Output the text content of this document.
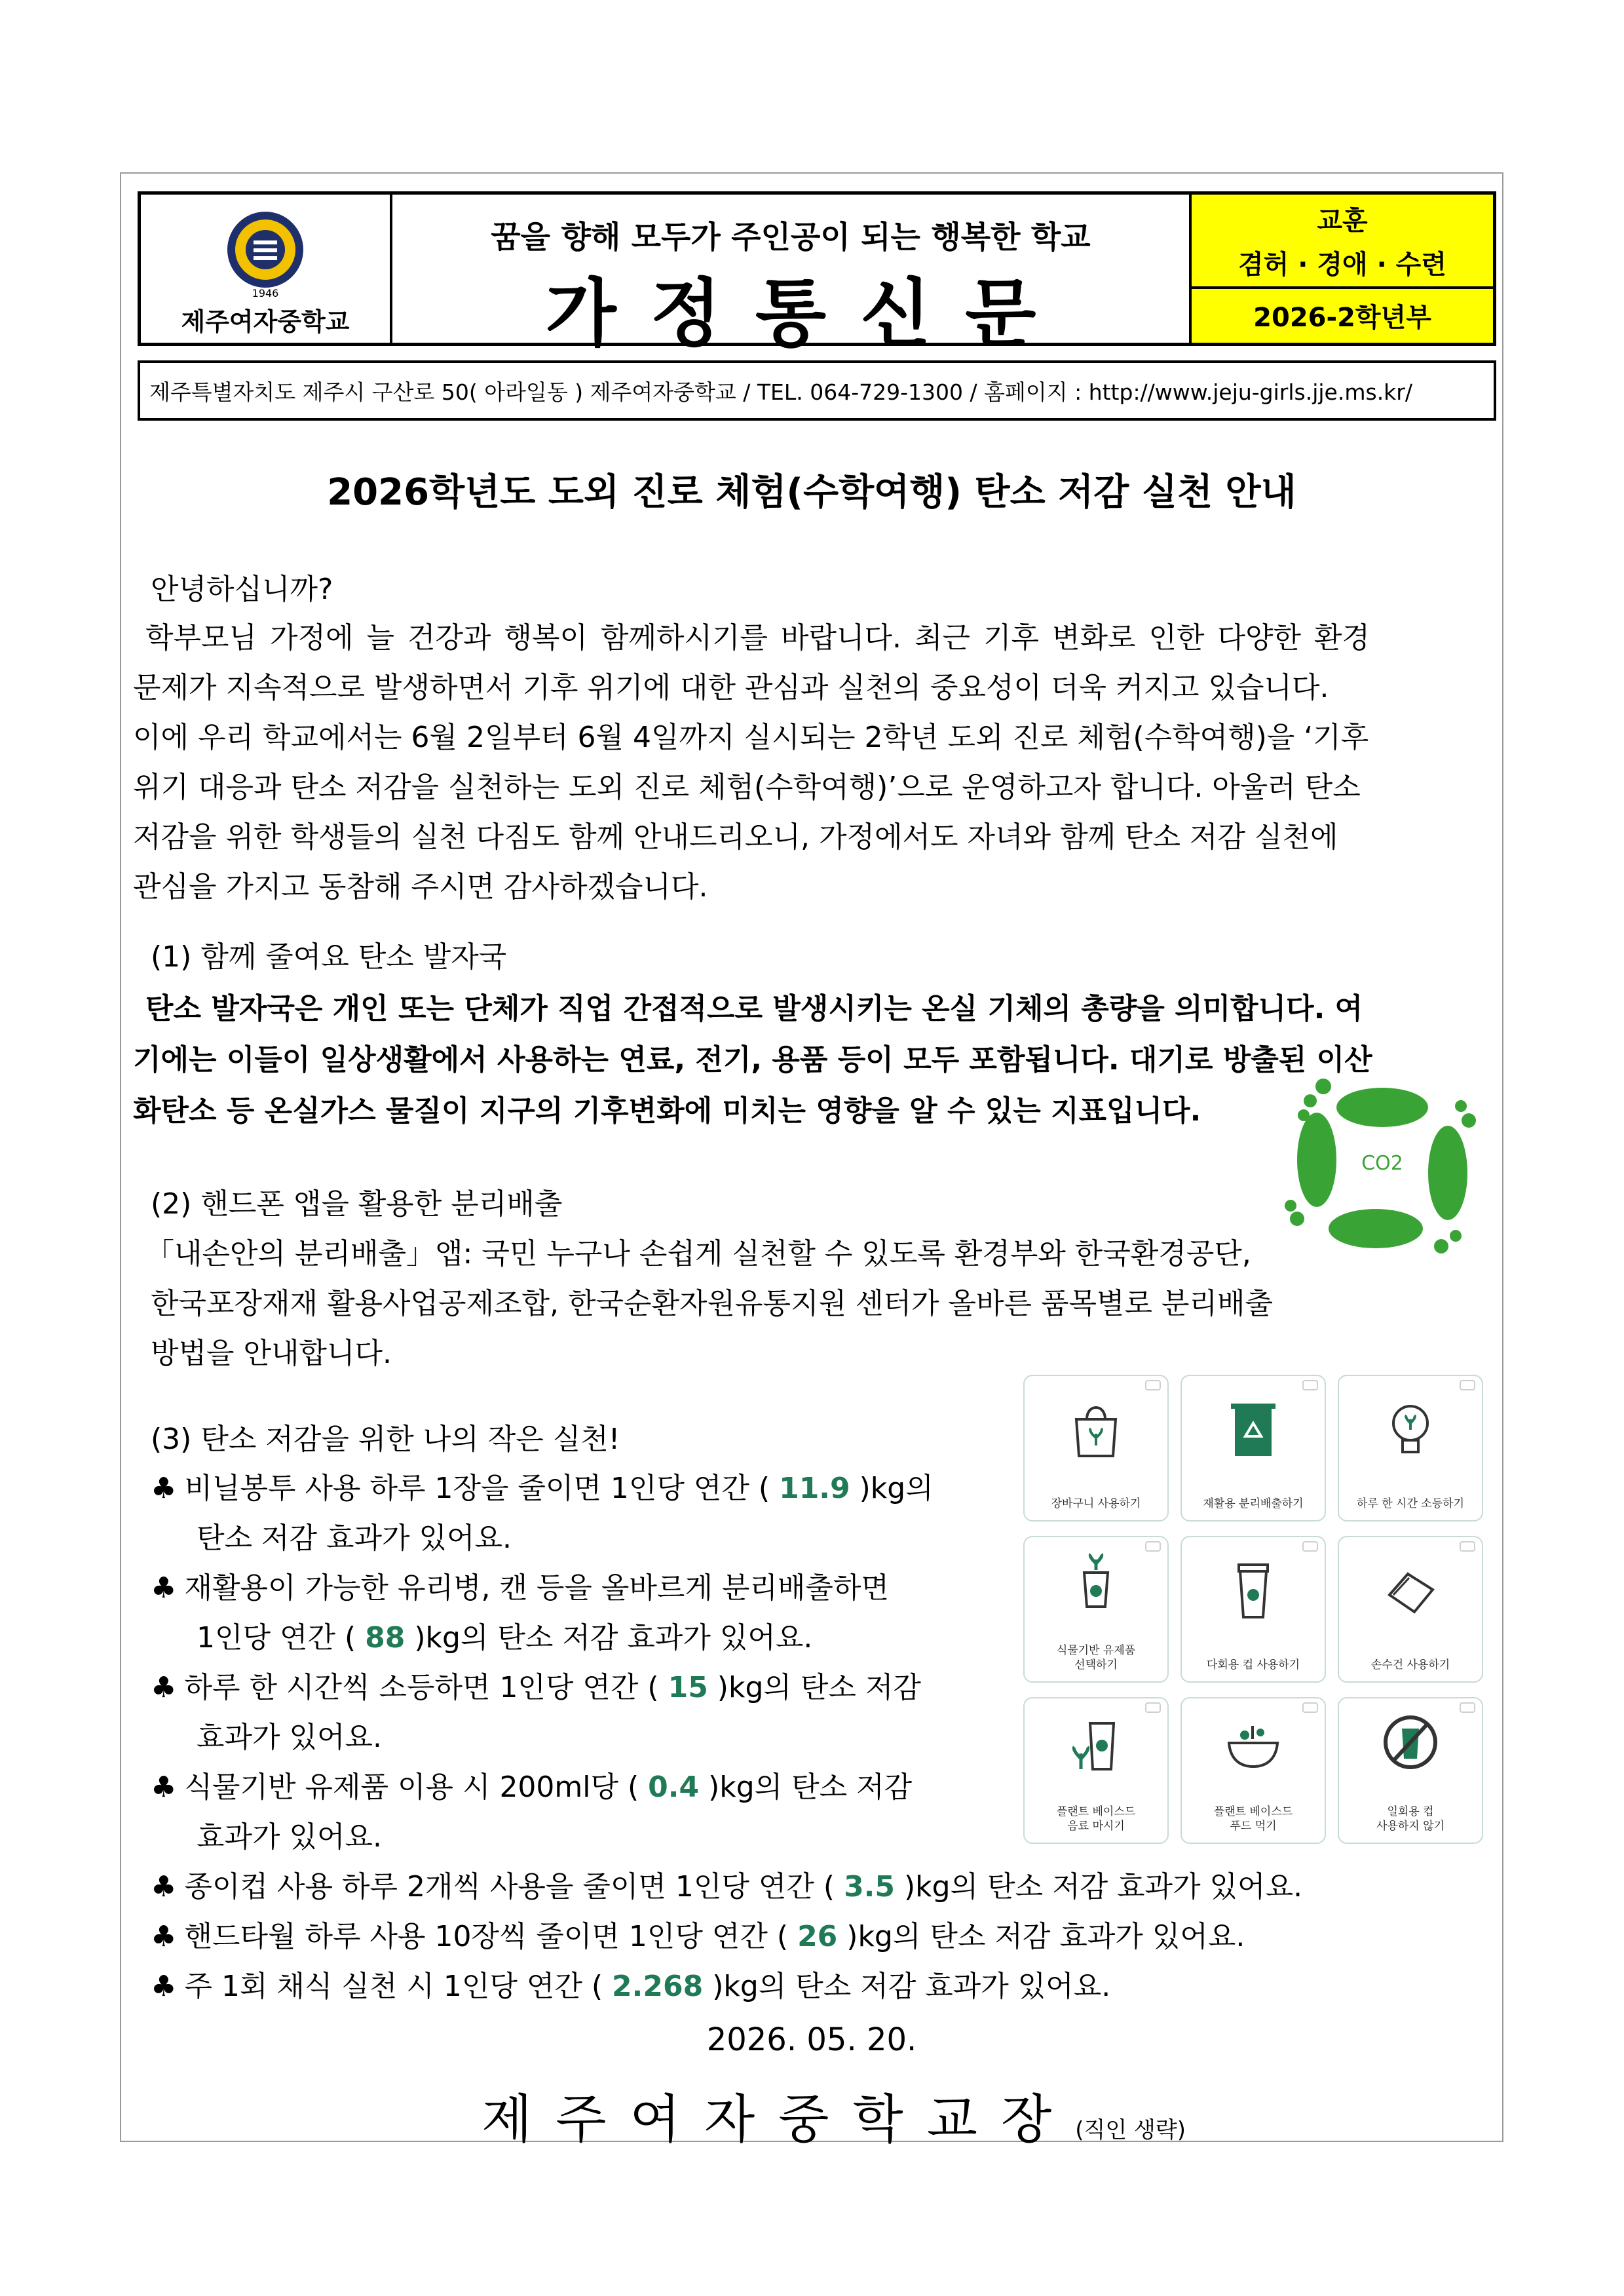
1946
제주여자중학교
꿈을 향해 모두가 주인공이 되는 행복한 학교
가정통신문
교훈
겸허 · 경애 · 수련
2026-2학년부
제주특별자치도 제주시 구산로 50( 아라일동 ) 제주여자중학교 / TEL. 064-729-1300 / 홈페이지 : http://www.jeju-girls.jje.ms.kr/
2026학년도 도외 진로 체험(수학여행) 탄소 저감 실천 안내
안녕하십니까?
학부모님 가정에 늘 건강과 행복이 함께하시기를 바랍니다. 최근 기후 변화로 인한 다양한 환경
문제가 지속적으로 발생하면서 기후 위기에 대한 관심과 실천의 중요성이 더욱 커지고 있습니다.
이에 우리 학교에서는 6월 2일부터 6월 4일까지 실시되는 2학년 도외 진로 체험(수학여행)을 ‘기후
위기 대응과 탄소 저감을 실천하는 도외 진로 체험(수학여행)’으로 운영하고자 합니다. 아울러 탄소
저감을 위한 학생들의 실천 다짐도 함께 안내드리오니, 가정에서도 자녀와 함께 탄소 저감 실천에
관심을 가지고 동참해 주시면 감사하겠습니다.
(1) 함께 줄여요 탄소 발자국
탄소 발자국은 개인 또는 단체가 직업 간접적으로 발생시키는 온실 기체의 총량을 의미합니다. 여
기에는 이들이 일상생활에서 사용하는 연료, 전기, 용품 등이 모두 포함됩니다. 대기로 방출된 이산
화탄소 등 온실가스 물질이 지구의 기후변화에 미치는 영향을 알 수 있는 지표입니다.
CO2
(2) 핸드폰 앱을 활용한 분리배출
「내손안의 분리배출」앱: 국민 누구나 손쉽게 실천할 수 있도록 환경부와 한국환경공단,
한국포장재재 활용사업공제조합, 한국순환자원유통지원 센터가 올바른 품목별로 분리배출
방법을 안내합니다.
(3) 탄소 저감을 위한 나의 작은 실천!
♣ 비닐봉투 사용 하루 1장을 줄이면 1인당 연간 ( 11.9 )kg의
탄소 저감 효과가 있어요.
♣ 재활용이 가능한 유리병, 캔 등을 올바르게 분리배출하면
1인당 연간 ( 88 )kg의 탄소 저감 효과가 있어요.
♣ 하루 한 시간씩 소등하면 1인당 연간 ( 15 )kg의 탄소 저감
효과가 있어요.
♣ 식물기반 유제품 이용 시 200ml당 ( 0.4 )kg의 탄소 저감
효과가 있어요.
♣ 종이컵 사용 하루 2개씩 사용을 줄이면 1인당 연간 ( 3.5 )kg의 탄소 저감 효과가 있어요.
♣ 핸드타월 하루 사용 10장씩 줄이면 1인당 연간 ( 26 )kg의 탄소 저감 효과가 있어요.
♣ 주 1회 채식 실천 시 1인당 연간 ( 2.268 )kg의 탄소 저감 효과가 있어요.
장바구니 사용하기	재활용 분리배출하기	하루 한 시간 소등하기
식물기반 유제품
선택하기	다회용 컵 사용하기	손수건 사용하기
플랜트 베이스드
음료 마시기
플랜트 베이스드
푸드 먹기
일회용 컵
사용하지 않기
2026. 05. 20.
제주여자중학교장(직인 생략)
